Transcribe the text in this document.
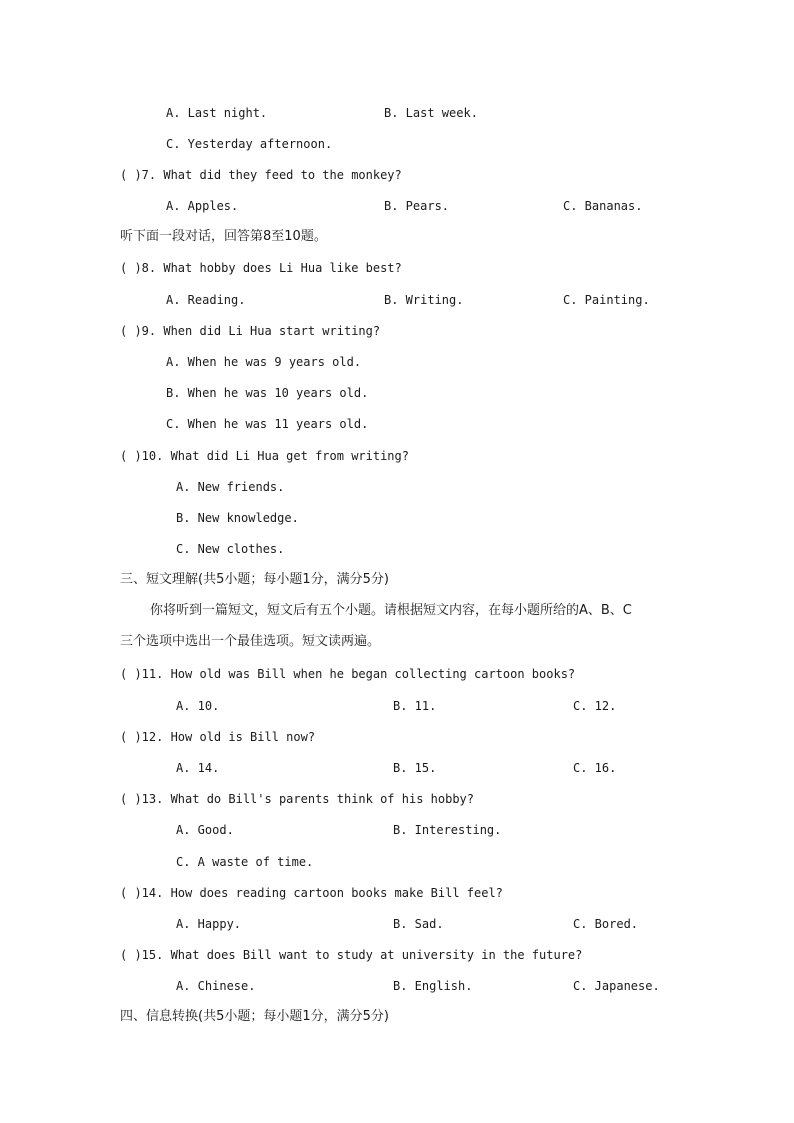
A. Last night.	B. Last week.
C. Yesterday afternoon.
( )7. What did they feed to the monkey?
A. Apples.	B. Pears.	C. Bananas.
听下面一段对话，回答第8至10题。
( )8. What hobby does Li Hua like best?
A. Reading.	B. Writing.	C. Painting.
( )9. When did Li Hua start writing?
A. When he was 9 years old.
B. When he was 10 years old.
C. When he was 11 years old.
( )10. What did Li Hua get from writing?
A. New friends.
B. New knowledge.
C. New clothes.
三、短文理解(共5小题；每小题1分，满分5分)
你将听到一篇短文，短文后有五个小题。请根据短文内容，在每小题所给的A、B、C
三个选项中选出一个最佳选项。短文读两遍。
( )11. How old was Bill when he began collecting cartoon books?
A. 10.	B. 11.	C. 12.
( )12. How old is Bill now?
A. 14.	B. 15.	C. 16.
( )13. What do Bill's parents think of his hobby?
A. Good.	B. Interesting.
C. A waste of time.
( )14. How does reading cartoon books make Bill feel?
A. Happy.	B. Sad.	C. Bored.
( )15. What does Bill want to study at university in the future?
A. Chinese.	B. English.	C. Japanese.
四、信息转换(共5小题；每小题1分，满分5分)
